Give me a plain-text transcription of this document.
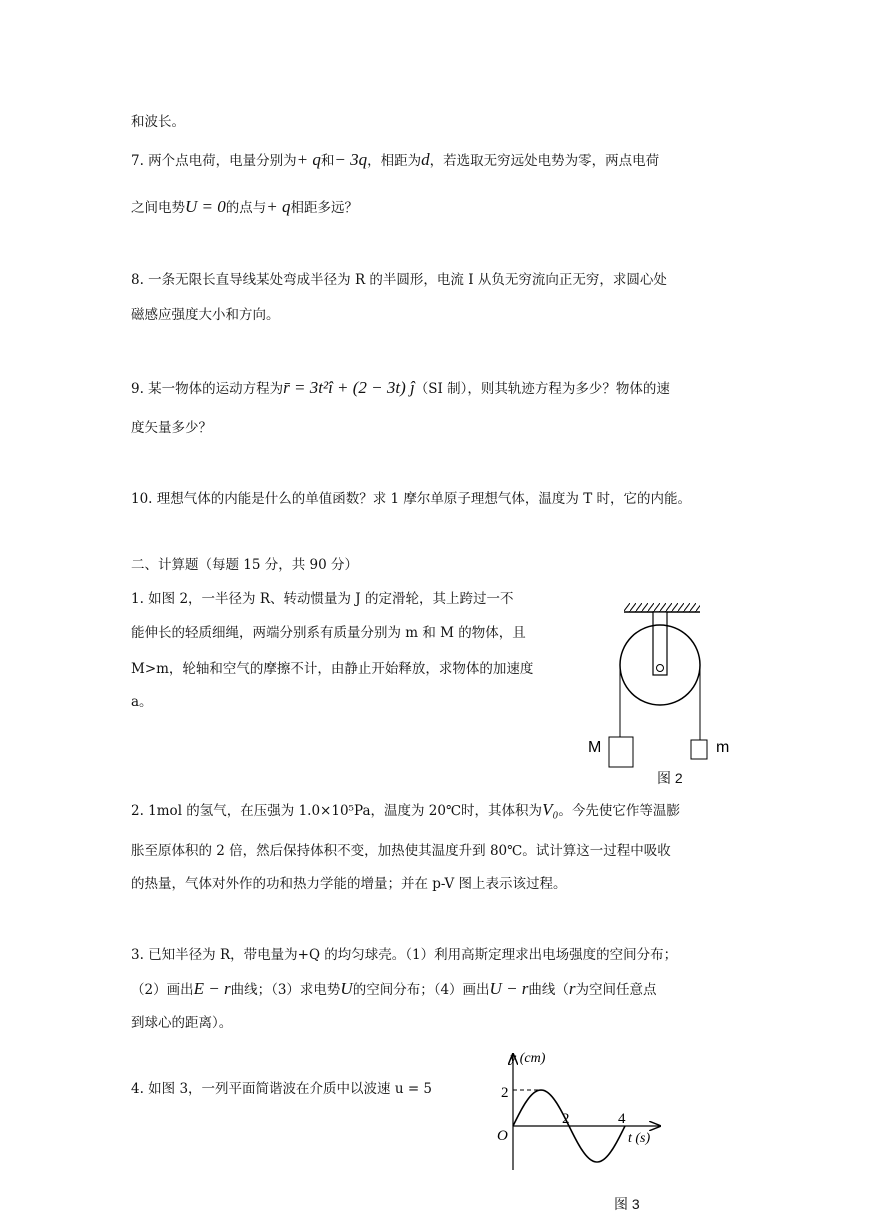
和波长。
7. 两个点电荷，电量分别为+ q和− 3q，相距为d，若选取无穷远处电势为零，两点电荷
之间电势U = 0的点与+ q相距多远？
8. 一条无限长直导线某处弯成半径为 R 的半圆形，电流 I 从负无穷流向正无穷，求圆心处
磁感应强度大小和方向。
9. 某一物体的运动方程为r̄ = 3t²î + (2 − 3t) ĵ（SI 制），则其轨迹方程为多少？物体的速
度矢量多少？
10. 理想气体的内能是什么的单值函数？求 1 摩尔单原子理想气体，温度为 T 时，它的内能。
二、计算题（每题 15 分，共 90 分）
1. 如图 2，一半径为 R、转动惯量为 J 的定滑轮，其上跨过一不
能伸长的轻质细绳，两端分别系有质量分别为 m 和 M 的物体，且
M>m，轮轴和空气的摩擦不计，由静止开始释放，求物体的加速度
a。
M	m
图 2
2. 1mol 的氢气，在压强为 1.0×10⁵Pa，温度为 20℃时，其体积为V₀。今先使它作等温膨
胀至原体积的 2 倍，然后保持体积不变，加热使其温度升到 80℃。试计算这一过程中吸收
的热量，气体对外作的功和热力学能的增量；并在 p-V 图上表示该过程。
3. 已知半径为 R，带电量为+Q 的均匀球壳。（1）利用高斯定理求出电场强度的空间分布；
（2）画出E − r曲线；（3）求电势U的空间分布；（4）画出U − r曲线（r为空间任意点
到球心的距离）。
4. 如图 3，一列平面简谐波在介质中以波速 u = 5
y (cm)
t (s)
O
2
2	4
图 3
